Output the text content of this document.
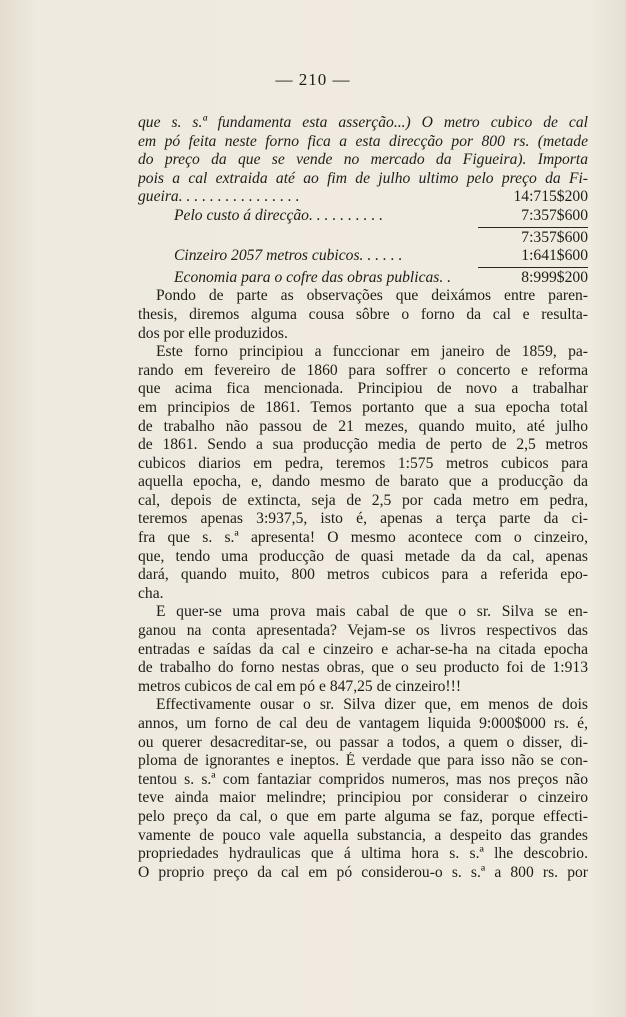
— 210 —
que s. s.ª fundamenta esta asserção...) O metro cubico de cal
em pó feita neste forno fica a esta direcção por 800 rs. (metade
do preço da que se vende no mercado da Figueira). Importa
pois a cal extraida até ao fim de julho ultimo pelo preço da Fi-
gueira. . . . . . . . . . . . . . . .	14:715$200
Pelo custo á direcção. . . . . . . . . .	7:357$600
7:357$600
Cinzeiro 2057 metros cubicos. . . . . .	1:641$600
Economia para o cofre das obras publicas. .	8:999$200
Pondo de parte as observações que deixámos entre paren-
thesis, diremos alguma cousa sôbre o forno da cal e resulta-
dos por elle produzidos.
Este forno principiou a funccionar em janeiro de 1859, pa-
rando em fevereiro de 1860 para soffrer o concerto e reforma
que acima fica mencionada. Principiou de novo a trabalhar
em principios de 1861. Temos portanto que a sua epocha total
de trabalho não passou de 21 mezes, quando muito, até julho
de 1861. Sendo a sua producção media de perto de 2,5 metros
cubicos diarios em pedra, teremos 1:575 metros cubicos para
aquella epocha, e, dando mesmo de barato que a producção da
cal, depois de extincta, seja de 2,5 por cada metro em pedra,
teremos apenas 3:937,5, isto é, apenas a terça parte da ci-
fra que s. s.ª apresenta! O mesmo acontece com o cinzeiro,
que, tendo uma producção de quasi metade da da cal, apenas
dará, quando muito, 800 metros cubicos para a referida epo-
cha.
E quer-se uma prova mais cabal de que o sr. Silva se en-
ganou na conta apresentada? Vejam-se os livros respectivos das
entradas e saídas da cal e cinzeiro e achar-se-ha na citada epocha
de trabalho do forno nestas obras, que o seu producto foi de 1:913
metros cubicos de cal em pó e 847,25 de cinzeiro!!!
Effectivamente ousar o sr. Silva dizer que, em menos de dois
annos, um forno de cal deu de vantagem liquida 9:000$000 rs. é,
ou querer desacreditar-se, ou passar a todos, a quem o disser, di-
ploma de ignorantes e ineptos. É verdade que para isso não se con-
tentou s. s.ª com fantaziar compridos numeros, mas nos preços não
teve ainda maior melindre; principiou por considerar o cinzeiro
pelo preço da cal, o que em parte alguma se faz, porque effecti-
vamente de pouco vale aquella substancia, a despeito das grandes
propriedades hydraulicas que á ultima hora s. s.ª lhe descobrio.
O proprio preço da cal em pó considerou-o s. s.ª a 800 rs. por
